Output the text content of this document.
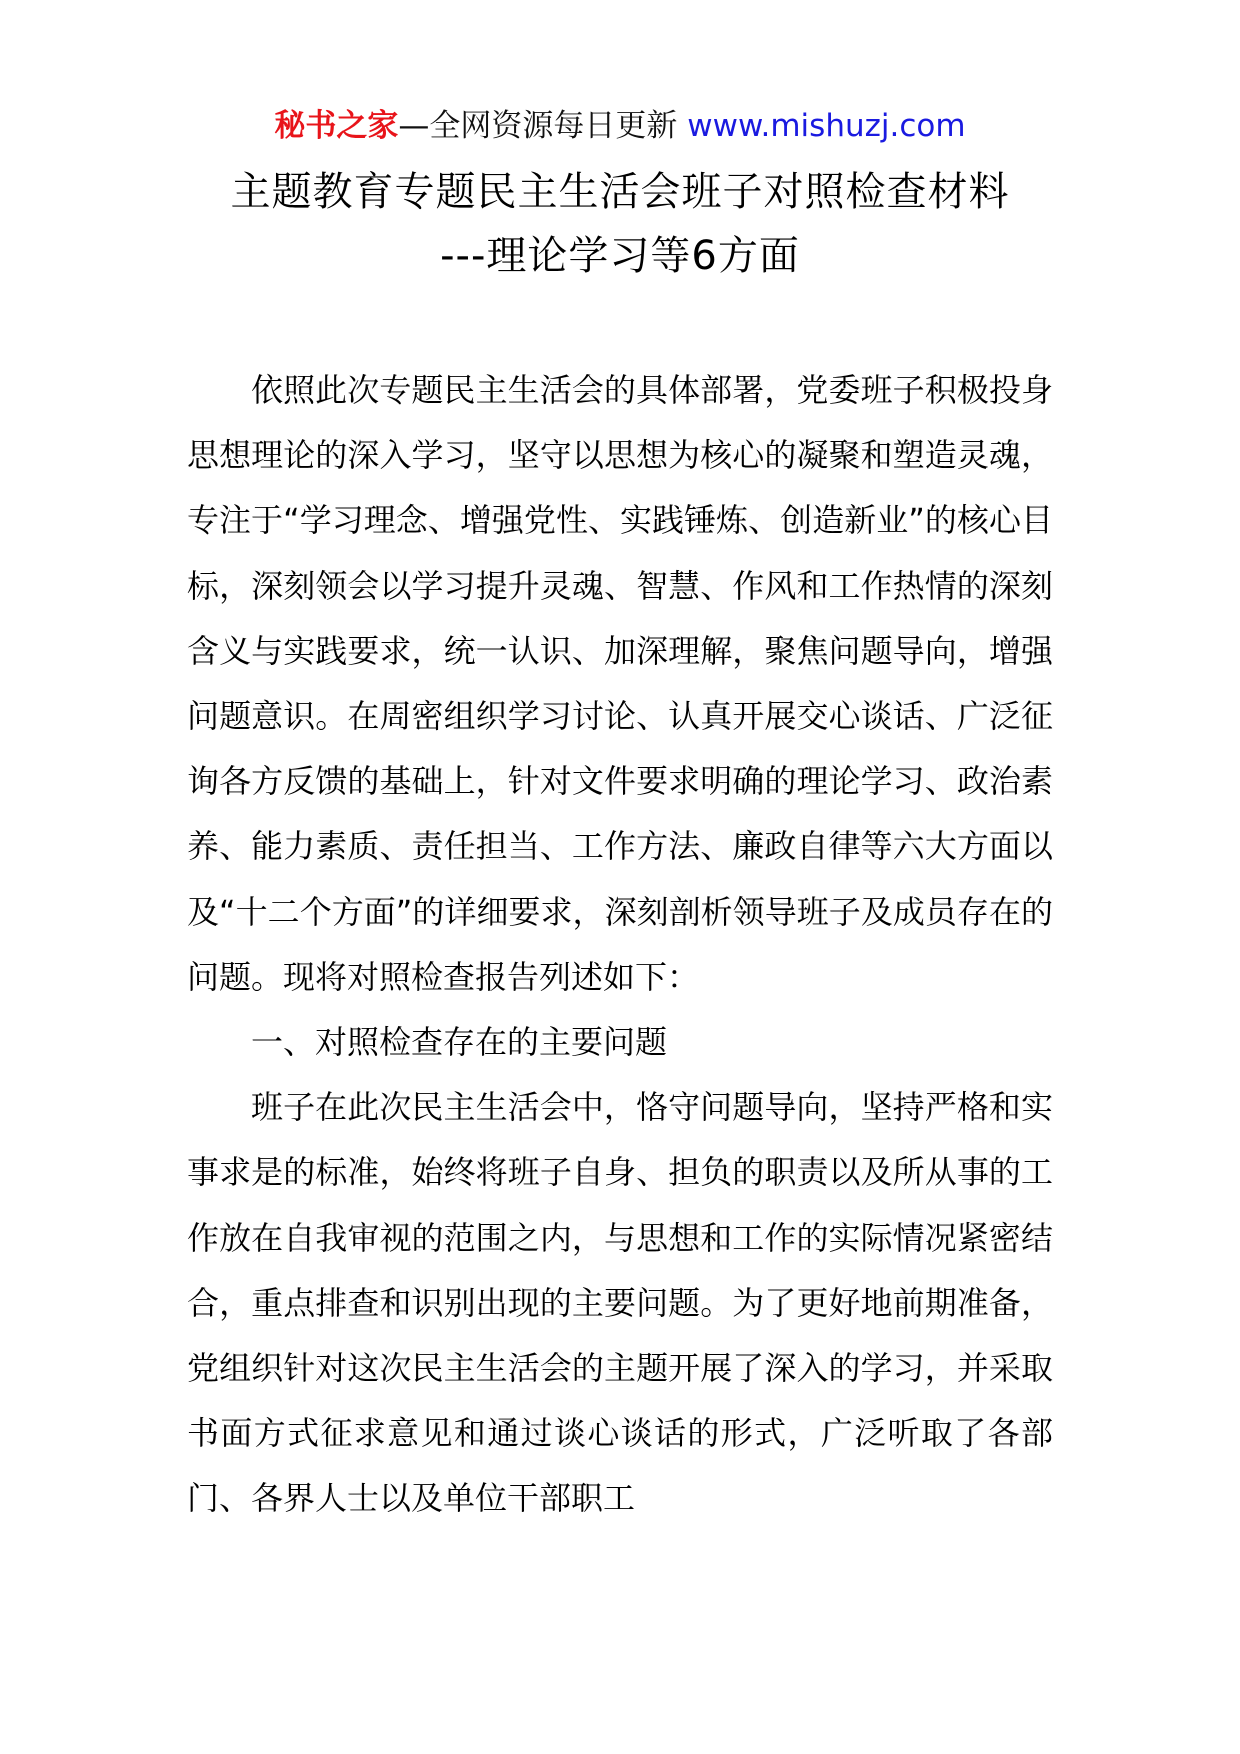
秘书之家—全网资源每日更新 www.mishuzj.com
主题教育专题民主生活会班子对照检查材料
---理论学习等6方面

依照此次专题民主生活会的具体部署，党委班子积极投身思想理论的深入学习，坚守以思想为核心的凝聚和塑造灵魂，专注于“学习理念、增强党性、实践锤炼、创造新业”的核心目标，深刻领会以学习提升灵魂、智慧、作风和工作热情的深刻含义与实践要求，统一认识、加深理解，聚焦问题导向，增强问题意识。在周密组织学习讨论、认真开展交心谈话、广泛征询各方反馈的基础上，针对文件要求明确的理论学习、政治素养、能力素质、责任担当、工作方法、廉政自律等六大方面以及“十二个方面”的详细要求，深刻剖析领导班子及成员存在的问题。现将对照检查报告列述如下：

一、对照检查存在的主要问题

班子在此次民主生活会中，恪守问题导向，坚持严格和实事求是的标准，始终将班子自身、担负的职责以及所从事的工作放在自我审视的范围之内，与思想和工作的实际情况紧密结合，重点排查和识别出现的主要问题。为了更好地前期准备，党组织针对这次民主生活会的主题开展了深入的学习，并采取书面方式征求意见和通过谈心谈话的形式，广泛听取了各部门、各界人士以及单位干部职工
